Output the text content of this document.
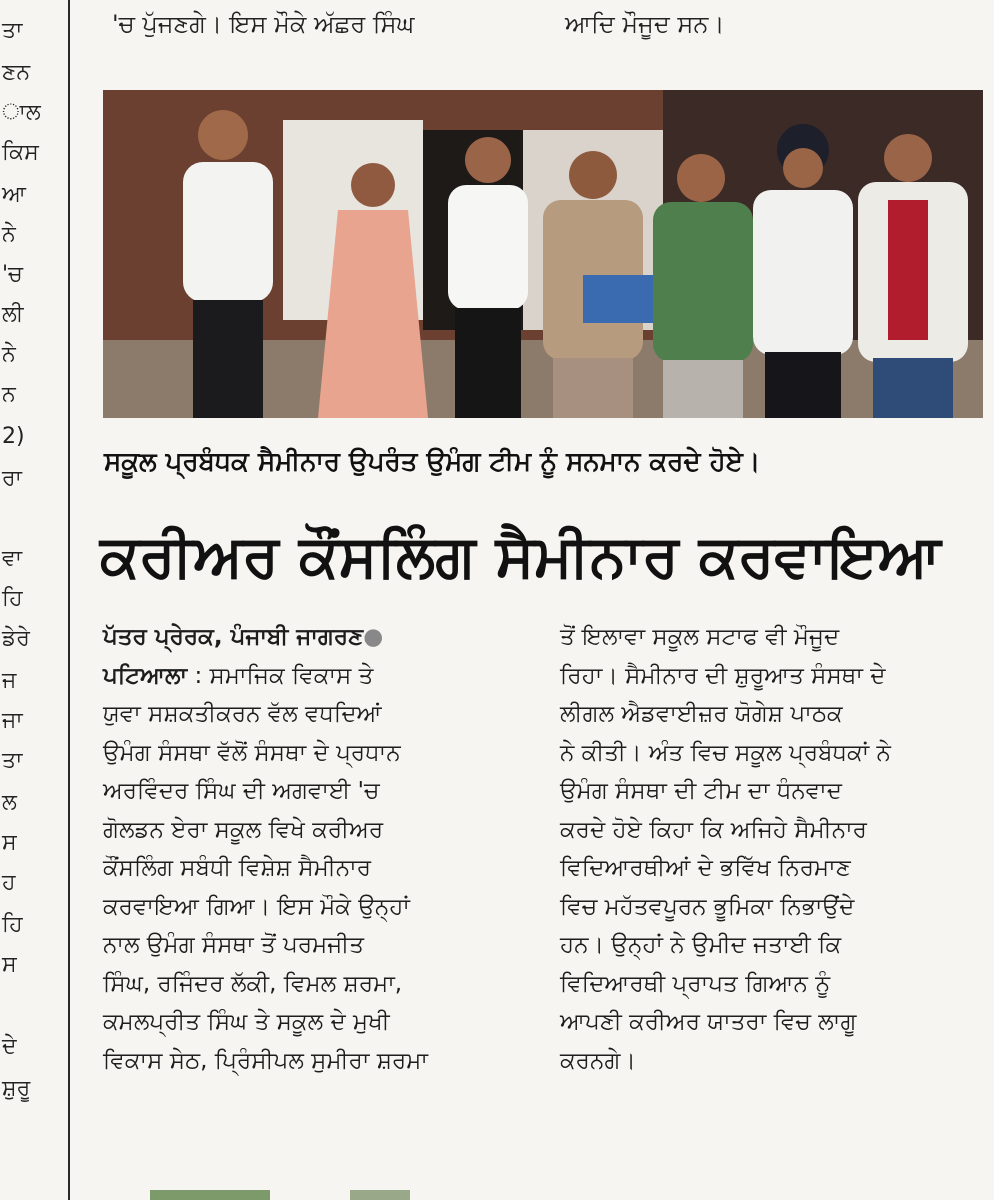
ਤਾ
ਣਨ
ਾਲ
ਕਿਸ
ਆ
ਨੇ
'ਚ
ਲੀ
ਨੇ
ਨ
2)
ਰਾ
ਵਾ
ਹਿ
ਡੇਰੇ
ਜ
ਜਾ
ਤਾ
ਲ
ਸ
ਹ
ਹਿ
ਸ
ਦੇ
ਸ਼ੁਰੂ
'ਚ ਪੁੱਜਣਗੇ। ਇਸ ਮੌਕੇ ਅੱਛਰ ਸਿੰਘ	ਆਦਿ ਮੌਜੂਦ ਸਨ।
ਸਕੂਲ ਪ੍ਰਬੰਧਕ ਸੈਮੀਨਾਰ ਉਪਰੰਤ ਉਮੰਗ ਟੀਮ ਨੂੰ ਸਨਮਾਨ ਕਰਦੇ ਹੋਏ।
ਕਰੀਅਰ ਕੌਂਸਲਿੰਗ ਸੈਮੀਨਾਰ ਕਰਵਾਇਆ
ਪੱਤਰ ਪ੍ਰੇਰਕ, ਪੰਜਾਬੀ ਜਾਗਰਣ●
ਪਟਿਆਲਾ : ਸਮਾਜਿਕ ਵਿਕਾਸ ਤੇ
ਯੁਵਾ ਸਸ਼ਕਤੀਕਰਨ ਵੱਲ ਵਧਦਿਆਂ
ਉਮੰਗ ਸੰਸਥਾ ਵੱਲੋਂ ਸੰਸਥਾ ਦੇ ਪ੍ਰਧਾਨ
ਅਰਵਿੰਦਰ ਸਿੰਘ ਦੀ ਅਗਵਾਈ 'ਚ
ਗੋਲਡਨ ਏਰਾ ਸਕੂਲ ਵਿਖੇ ਕਰੀਅਰ
ਕੌਂਸਲਿੰਗ ਸਬੰਧੀ ਵਿਸ਼ੇਸ਼ ਸੈਮੀਨਾਰ
ਕਰਵਾਇਆ ਗਿਆ। ਇਸ ਮੌਕੇ ਉਨ੍ਹਾਂ
ਨਾਲ ਉਮੰਗ ਸੰਸਥਾ ਤੋਂ ਪਰਮਜੀਤ
ਸਿੰਘ, ਰਜਿੰਦਰ ਲੱਕੀ, ਵਿਮਲ ਸ਼ਰਮਾ,
ਕਮਲਪ੍ਰੀਤ ਸਿੰਘ ਤੇ ਸਕੂਲ ਦੇ ਮੁਖੀ
ਵਿਕਾਸ ਸੇਠ, ਪ੍ਰਿੰਸੀਪਲ ਸੁਮੀਰਾ ਸ਼ਰਮਾ
ਤੋਂ ਇਲਾਵਾ ਸਕੂਲ ਸਟਾਫ ਵੀ ਮੌਜੂਦ
ਰਿਹਾ। ਸੈਮੀਨਾਰ ਦੀ ਸ਼ੁਰੂਆਤ ਸੰਸਥਾ ਦੇ
ਲੀਗਲ ਐਡਵਾਈਜ਼ਰ ਯੋਗੇਸ਼ ਪਾਠਕ
ਨੇ ਕੀਤੀ। ਅੰਤ ਵਿਚ ਸਕੂਲ ਪ੍ਰਬੰਧਕਾਂ ਨੇ
ਉਮੰਗ ਸੰਸਥਾ ਦੀ ਟੀਮ ਦਾ ਧੰਨਵਾਦ
ਕਰਦੇ ਹੋਏ ਕਿਹਾ ਕਿ ਅਜਿਹੇ ਸੈਮੀਨਾਰ
ਵਿਦਿਆਰਥੀਆਂ ਦੇ ਭਵਿੱਖ ਨਿਰਮਾਣ
ਵਿਚ ਮਹੱਤਵਪੂਰਨ ਭੂਮਿਕਾ ਨਿਭਾਉਂਦੇ
ਹਨ। ਉਨ੍ਹਾਂ ਨੇ ਉਮੀਦ ਜਤਾਈ ਕਿ
ਵਿਦਿਆਰਥੀ ਪ੍ਰਾਪਤ ਗਿਆਨ ਨੂੰ
ਆਪਣੀ ਕਰੀਅਰ ਯਾਤਰਾ ਵਿਚ ਲਾਗੂ
ਕਰਨਗੇ।
